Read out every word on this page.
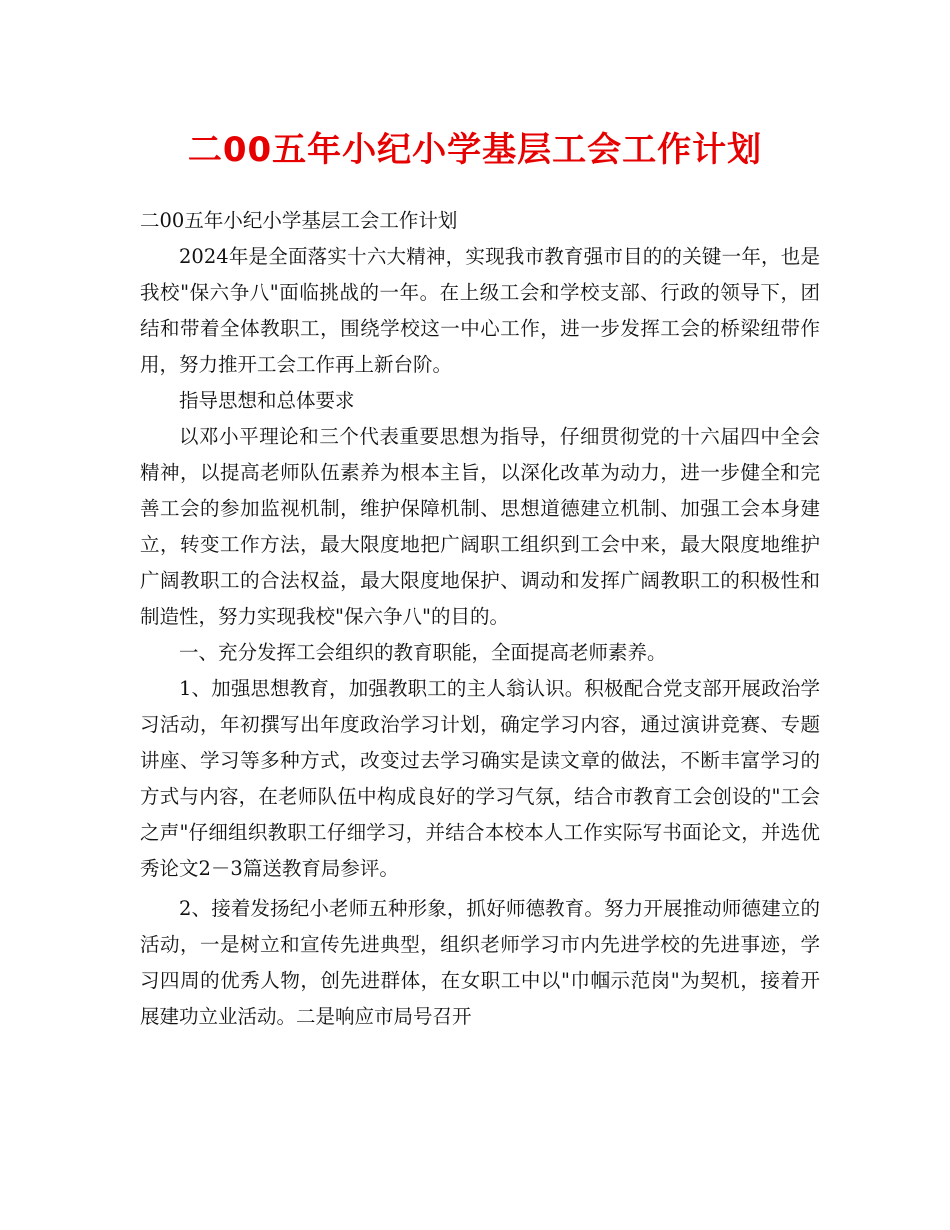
二00五年小纪小学基层工会工作计划

二00五年小纪小学基层工会工作计划

2024年是全面落实十六大精神，实现我市教育强市目的的关键一年，也是我校"保六争八"面临挑战的一年。在上级工会和学校支部、行政的领导下，团结和带着全体教职工，围绕学校这一中心工作，进一步发挥工会的桥梁纽带作用，努力推开工会工作再上新台阶。

指导思想和总体要求

以邓小平理论和三个代表重要思想为指导，仔细贯彻党的十六届四中全会精神，以提高老师队伍素养为根本主旨，以深化改革为动力，进一步健全和完善工会的参加监视机制，维护保障机制、思想道德建立机制、加强工会本身建立，转变工作方法，最大限度地把广阔职工组织到工会中来，最大限度地维护广阔教职工的合法权益，最大限度地保护、调动和发挥广阔教职工的积极性和制造性，努力实现我校"保六争八"的目的。

一、充分发挥工会组织的教育职能，全面提高老师素养。

1、加强思想教育，加强教职工的主人翁认识。积极配合党支部开展政治学习活动，年初撰写出年度政治学习计划，确定学习内容，通过演讲竞赛、专题讲座、学习等多种方式，改变过去学习确实是读文章的做法，不断丰富学习的方式与内容，在老师队伍中构成良好的学习气氛，结合市教育工会创设的"工会之声"仔细组织教职工仔细学习，并结合本校本人工作实际写书面论文，并选优秀论文2－3篇送教育局参评。

2、接着发扬纪小老师五种形象，抓好师德教育。努力开展推动师德建立的活动，一是树立和宣传先进典型，组织老师学习市内先进学校的先进事迹，学习四周的优秀人物，创先进群体，在女职工中以"巾帼示范岗"为契机，接着开展建功立业活动。二是响应市局号召开
